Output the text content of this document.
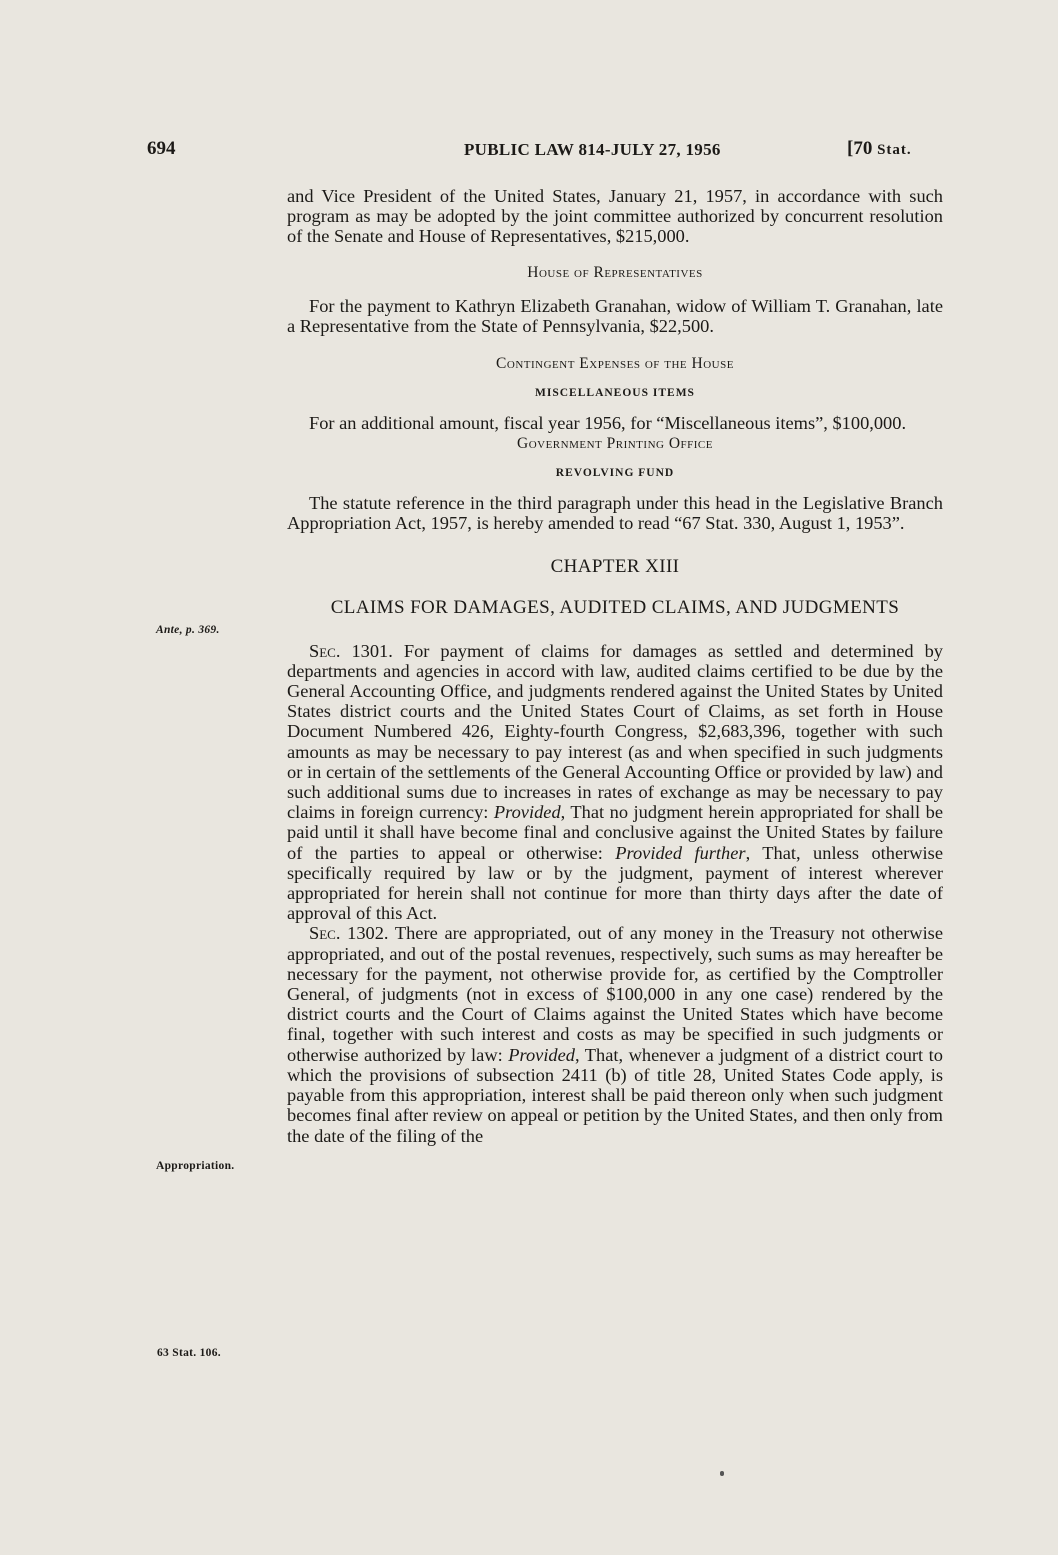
694	PUBLIC LAW 814-JULY 27, 1956	[70 Stat.
Ante, p. 369.
Appropriation.
63 Stat. 106.

and Vice President of the United States, January 21, 1957, in accordance with such program as may be adopted by the joint committee authorized by concurrent resolution of the Senate and House of Representatives, $215,000.

House of Representatives

For the payment to Kathryn Elizabeth Granahan, widow of William T. Granahan, late a Representative from the State of Pennsylvania, $22,500.

Contingent Expenses of the House

MISCELLANEOUS ITEMS

For an additional amount, fiscal year 1956, for “Miscellaneous items”, $100,000.

Government Printing Office

REVOLVING FUND

The statute reference in the third paragraph under this head in the Legislative Branch Appropriation Act, 1957, is hereby amended to read “67 Stat. 330, August 1, 1953”.

CHAPTER XIII

CLAIMS FOR DAMAGES, AUDITED CLAIMS, AND JUDGMENTS

Sec. 1301. For payment of claims for damages as settled and determined by departments and agencies in accord with law, audited claims certified to be due by the General Accounting Office, and judgments rendered against the United States by United States district courts and the United States Court of Claims, as set forth in House Document Numbered 426, Eighty-fourth Congress, $2,683,396, together with such amounts as may be necessary to pay interest (as and when specified in such judgments or in certain of the settlements of the General Accounting Office or provided by law) and such additional sums due to increases in rates of exchange as may be necessary to pay claims in foreign currency: Provided, That no judgment herein appropriated for shall be paid until it shall have become final and conclusive against the United States by failure of the parties to appeal or otherwise: Provided further, That, unless otherwise specifically required by law or by the judgment, payment of interest wherever appropriated for herein shall not continue for more than thirty days after the date of approval of this Act.

Sec. 1302. There are appropriated, out of any money in the Treasury not otherwise appropriated, and out of the postal revenues, respectively, such sums as may hereafter be necessary for the payment, not otherwise provide for, as certified by the Comptroller General, of judgments (not in excess of $100,000 in any one case) rendered by the district courts and the Court of Claims against the United States which have become final, together with such interest and costs as may be specified in such judgments or otherwise authorized by law: Provided, That, whenever a judgment of a district court to which the provisions of subsection 2411 (b) of title 28, United States Code apply, is payable from this appropriation, interest shall be paid thereon only when such judgment becomes final after review on appeal or petition by the United States, and then only from the date of the filing of the
